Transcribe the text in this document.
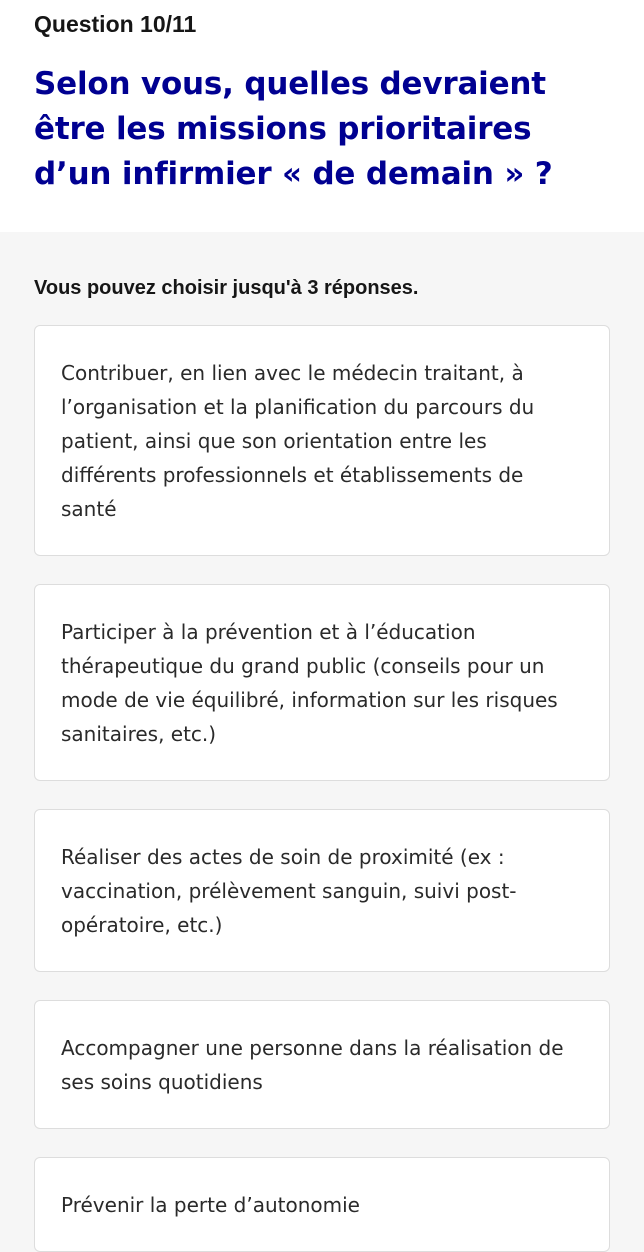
Question 10/11

Selon vous, quelles devraient être les missions prioritaires d’un infirmier « de demain » ?

Vous pouvez choisir jusqu'à 3 réponses.

Contribuer, en lien avec le médecin traitant, à l’organisation et la planification du parcours du patient, ainsi que son orientation entre les différents professionnels et établissements de santé
Participer à la prévention et à l’éducation thérapeutique du grand public (conseils pour un mode de vie équilibré, information sur les risques sanitaires, etc.)
Réaliser des actes de soin de proximité (ex : vaccination, prélèvement sanguin, suivi post-opératoire, etc.)
Accompagner une personne dans la réalisation de ses soins quotidiens
Prévenir la perte d’autonomie
